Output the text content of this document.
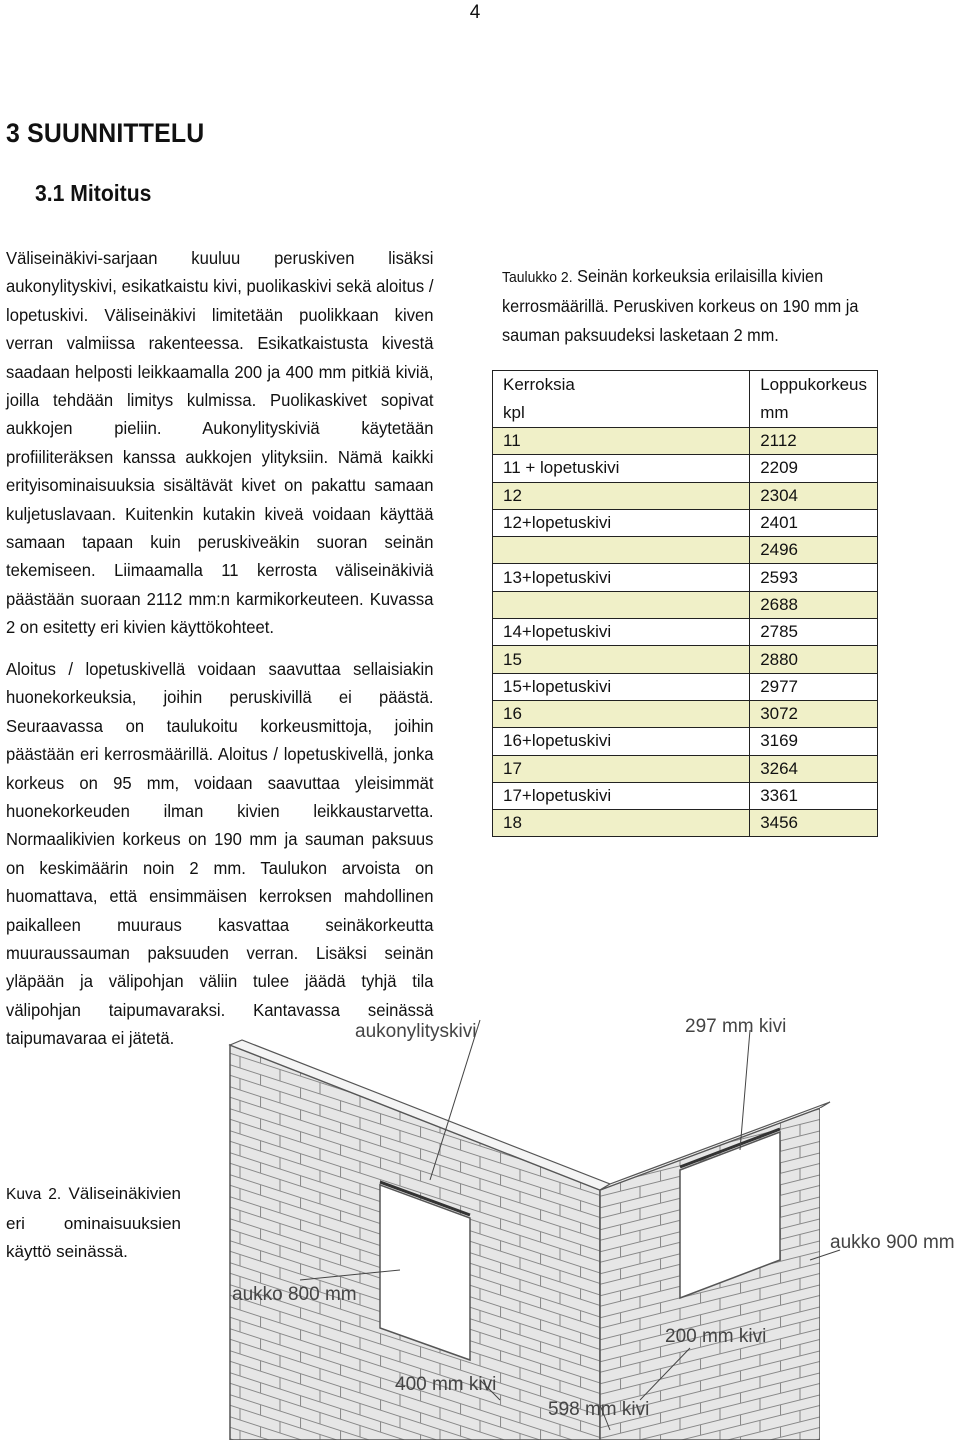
4
3 SUUNNITTELU
3.1 Mitoitus
Väliseinäkivi-sarjaan kuuluu peruskiven lisäksi aukonylityskivi, esikatkaistu kivi, puolikaskivi sekä aloitus / lopetuskivi. Väliseinäkivi limitetään puolikkaan kiven verran valmiissa rakenteessa. Esikatkaistusta kivestä saadaan helposti leikkaamalla 200 ja 400 mm pitkiä kiviä, joilla tehdään limitys kulmissa. Puolikaskivet sopivat aukkojen pieliin. Aukonylityskiviä käytetään profiiliteräksen kanssa aukkojen ylityksiin. Nämä kaikki erityisominaisuuksia sisältävät kivet on pakattu samaan kuljetuslavaan. Kuitenkin kutakin kiveä voidaan käyttää samaan tapaan kuin peruskiveäkin suoran seinän tekemiseen. Liimaamalla 11 kerrosta väliseinäkiviä päästään suoraan 2112 mm:n karmikorkeuteen. Kuvassa 2 on esitetty eri kivien käyttökohteet.
Aloitus / lopetuskivellä voidaan saavuttaa sellaisiakin huonekorkeuksia, joihin peruskivillä ei päästä. Seuraavassa on taulukoitu korkeusmittoja, joihin päästään eri kerrosmäärillä. Aloitus / lopetuskivellä, jonka korkeus on 95 mm, voidaan saavuttaa yleisimmät huonekorkeuden ilman kivien leikkaustarvetta. Normaalikivien korkeus on 190 mm ja sauman paksuus on keskimäärin noin 2 mm. Taulukon arvoista on huomattava, että ensimmäisen kerroksen mahdollinen paikalleen muuraus kasvattaa seinäkorkeutta muuraussauman paksuuden verran. Lisäksi seinän yläpään ja välipohjan väliin tulee jäädä tyhjä tila välipohjan taipumavaraksi. Kantavassa seinässä taipumavaraa ei jätetä.
Taulukko 2. Seinän korkeuksia erilaisilla kivien kerrosmäärillä. Peruskiven korkeus on 190 mm ja sauman paksuudeksi lasketaan 2 mm.
Kerroksia
kpl	Loppukorkeus
mm
11	2112
11 + lopetuskivi	2209
12	2304
12+lopetuskivi	2401
	2496
13+lopetuskivi	2593
	2688
14+lopetuskivi	2785
15	2880
15+lopetuskivi	2977
16	3072
16+lopetuskivi	3169
17	3264
17+lopetuskivi	3361
18	3456
aukonylityskivi	297 mm kivi
aukko 900 mm
aukko 800 mm
200 mm kivi
400 mm kivi
598 mm kivi
Kuva 2. Väliseinäkivien eri ominaisuuksien käyttö seinässä.
